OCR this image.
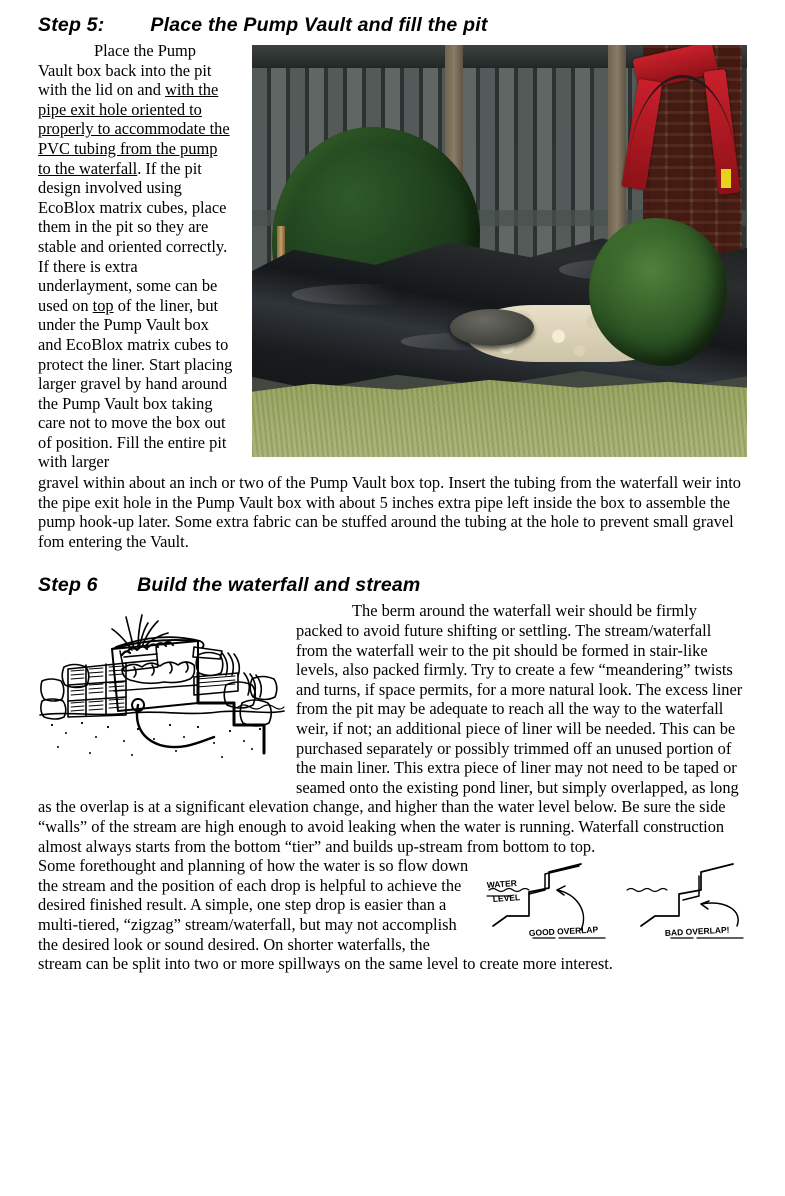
Step 5:	Place the Pump Vault and fill the pit
Place the Pump Vault box back into the pit with the lid on and with the pipe exit hole oriented to properly to accommodate the PVC tubing from the pump to the waterfall. If the pit design involved using EcoBlox matrix cubes, place them in the pit so they are stable and oriented correctly. If there is extra underlayment, some can be used on top of the liner, but under the Pump Vault box and EcoBlox matrix cubes to protect the liner. Start placing larger gravel by hand around the Pump Vault box taking care not to move the box out of position. Fill the entire pit with larger
gravel within about an inch or two of the Pump Vault box top. Insert the tubing from the waterfall weir into the pipe exit hole in the Pump Vault box with about 5 inches extra pipe left inside the box to assemble the pump hook-up later. Some extra fabric can be stuffed around the tubing at the hole to prevent small gravel fom entering the Vault.
Step 6 Build the waterfall and stream
The berm around the waterfall weir should be firmly packed to avoid future shifting or settling. The stream/waterfall from the waterfall weir to the pit should be formed in stair-like levels, also packed firmly. Try to create a few “meandering” twists and turns, if space permits, for a more natural look. The excess liner from the pit may be adequate to reach all the way to the waterfall weir, if not; an additional piece of liner will be needed. This can be purchased separately or possibly trimmed off an unused portion of the main liner. This extra piece of liner may not need to be taped or seamed onto the existing pond liner, but simply overlapped, as long as the overlap is at a significant elevation change, and higher than the water level below. Be sure the side “walls” of the stream are high enough to avoid leaking when the water is running. Waterfall construction almost always starts from the bottom “tier” and builds up-stream from bottom to top.
WATER
LEVEL
GOOD OVERLAP	BAD OVERLAP!
Some forethought and planning of how the water is so flow down the stream and the position of each drop is helpful to achieve the desired finished result. A simple, one step drop is easier than a multi-tiered, “zigzag” stream/waterfall, but may not accomplish the desired look or sound desired. On shorter waterfalls, the stream can be split into two or more spillways on the same level to create more interest.
